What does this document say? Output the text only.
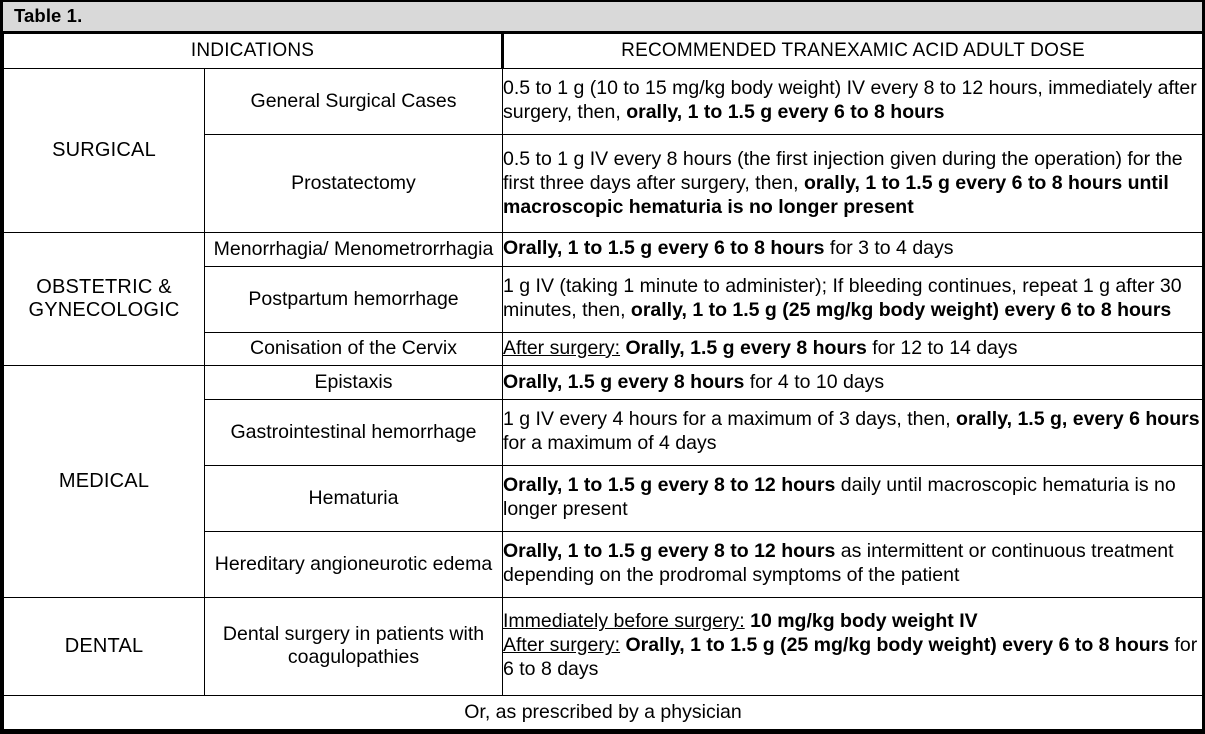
Table 1.
INDICATIONS		RECOMMENDED TRANEXAMIC ACID ADULT DOSE
SURGICAL	General Surgical Cases	0.5 to 1 g (10 to 15 mg/kg body weight) IV every 8 to 12 hours, immediately after surgery, then, orally, 1 to 1.5 g every 6 to 8 hours
	Prostatectomy	0.5 to 1 g IV every 8 hours (the first injection given during the operation) for the first three days after surgery, then, orally, 1 to 1.5 g every 6 to 8 hours until macroscopic hematuria is no longer present
OBSTETRIC & GYNECOLOGIC	Menorrhagia/ Menometrorrhagia	Orally, 1 to 1.5 g every 6 to 8 hours for 3 to 4 days
	Postpartum hemorrhage	1 g IV (taking 1 minute to administer); If bleeding continues, repeat 1 g after 30 minutes, then, orally, 1 to 1.5 g (25 mg/kg body weight) every 6 to 8 hours
	Conisation of the Cervix	After surgery: Orally, 1.5 g every 8 hours for 12 to 14 days
MEDICAL	Epistaxis	Orally, 1.5 g every 8 hours for 4 to 10 days
	Gastrointestinal hemorrhage	1 g IV every 4 hours for a maximum of 3 days, then, orally, 1.5 g, every 6 hours for a maximum of 4 days
	Hematuria	Orally, 1 to 1.5 g every 8 to 12 hours daily until macroscopic hematuria is no longer present
	Hereditary angioneurotic edema	Orally, 1 to 1.5 g every 8 to 12 hours as intermittent or continuous treatment depending on the prodromal symptoms of the patient
DENTAL	Dental surgery in patients with coagulopathies	Immediately before surgery: 10 mg/kg body weight IV
After surgery: Orally, 1 to 1.5 g (25 mg/kg body weight) every 6 to 8 hours for 6 to 8 days
Or, as prescribed by a physician		
